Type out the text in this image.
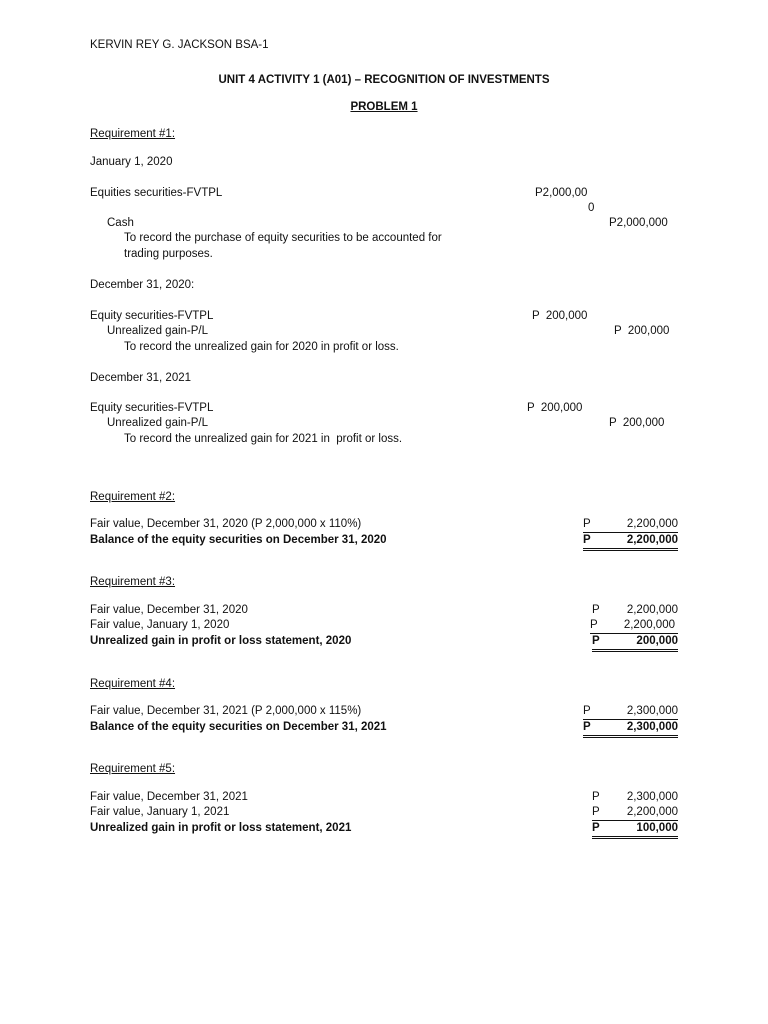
KERVIN REY G. JACKSON BSA-1
UNIT 4 ACTIVITY 1 (A01) – RECOGNITION OF INVESTMENTS
PROBLEM 1
Requirement #1:
January 1, 2020
Equities securities-FVTPL	P2,000,00
0
Cash	P2,000,000
To record the purchase of equity securities to be accounted for
trading purposes.
December 31, 2020:
Equity securities-FVTPL	P  200,000
Unrealized gain-P/L	P  200,000
To record the unrealized gain for 2020 in profit or loss.
December 31, 2021
Equity securities-FVTPL	P  200,000
Unrealized gain-P/L	P  200,000
To record the unrealized gain for 2021 in  profit or loss.
Requirement #2:
Fair value, December 31, 2020 (P 2,000,000 x 110%)	P	2,200,000
Balance of the equity securities on December 31, 2020	P	2,200,000
Requirement #3:
Fair value, December 31, 2020	P 2,200,000
Fair value, January 1, 2020	P 2,200,000
Unrealized gain in profit or loss statement, 2020	P	200,000
Requirement #4:
Fair value, December 31, 2021 (P 2,000,000 x 115%)	P	2,300,000
Balance of the equity securities on December 31, 2021	P	2,300,000
Requirement #5:
Fair value, December 31, 2021	P 2,300,000
Fair value, January 1, 2021	P 2,200,000
Unrealized gain in profit or loss statement, 2021	P	100,000
